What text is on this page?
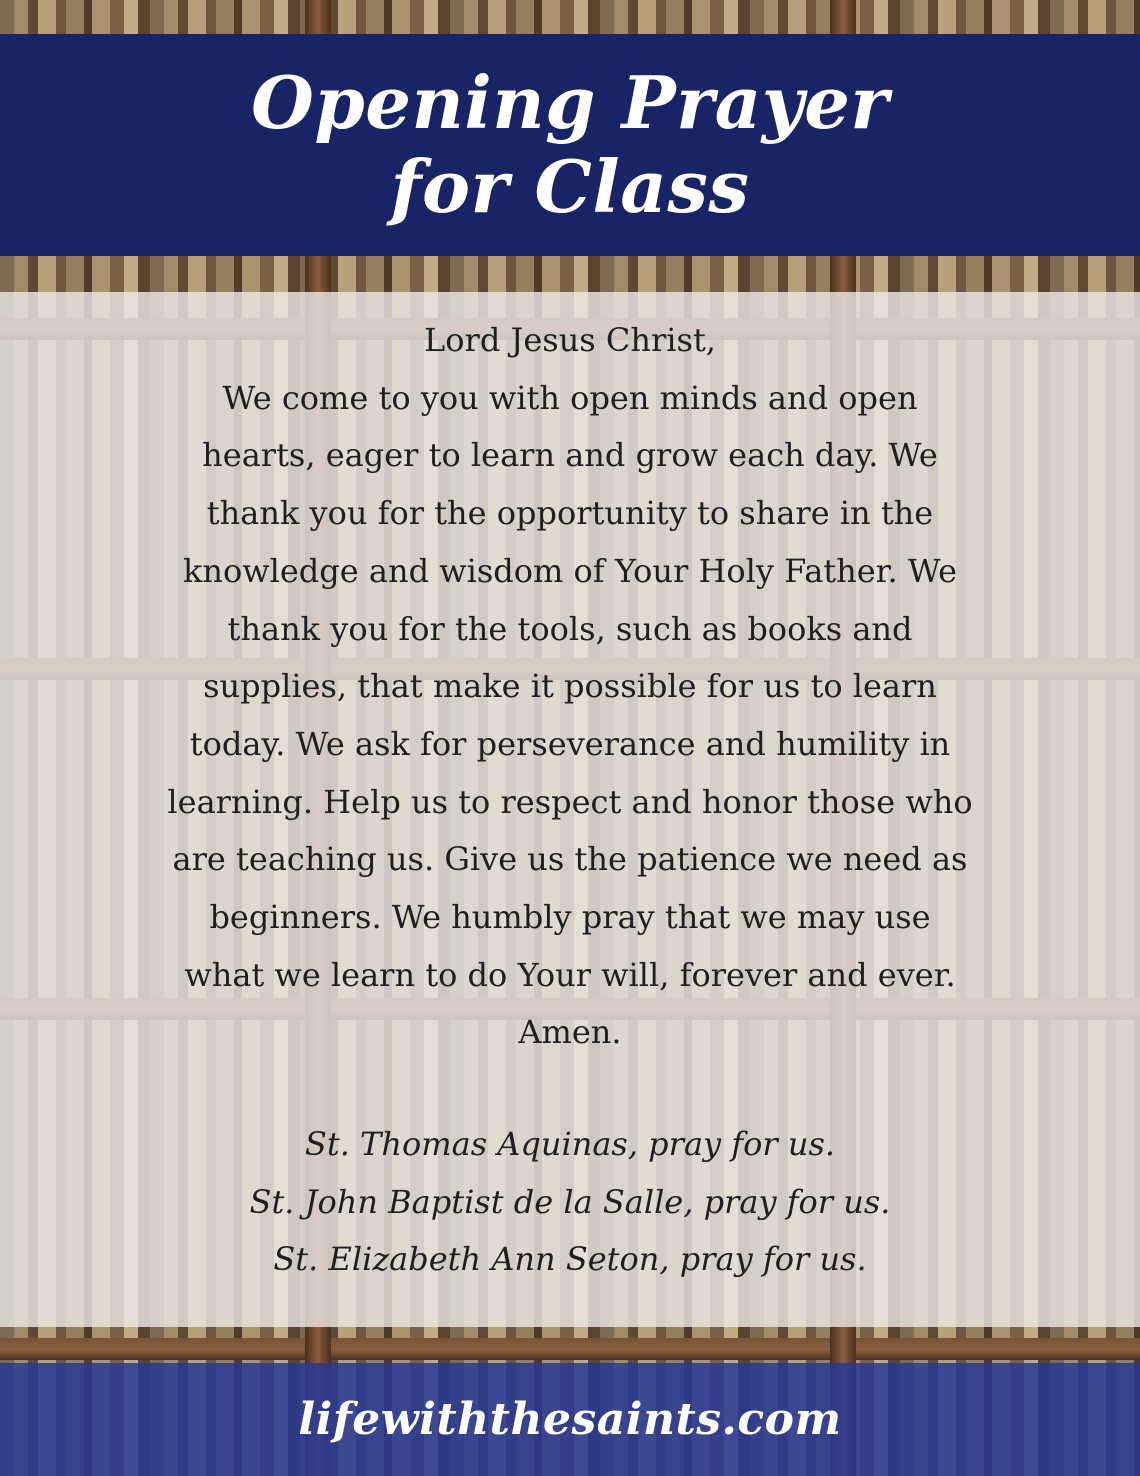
Opening Prayer
for Class

Lord Jesus Christ,
We come to you with open minds and open
hearts, eager to learn and grow each day. We
thank you for the opportunity to share in the
knowledge and wisdom of Your Holy Father. We
thank you for the tools, such as books and
supplies, that make it possible for us to learn
today. We ask for perseverance and humility in
learning. Help us to respect and honor those who
are teaching us. Give us the patience we need as
beginners. We humbly pray that we may use
what we learn to do Your will, forever and ever.
Amen.

St. Thomas Aquinas, pray for us.
St. John Baptist de la Salle, pray for us.
St. Elizabeth Ann Seton, pray for us.
lifewiththesaints.com
